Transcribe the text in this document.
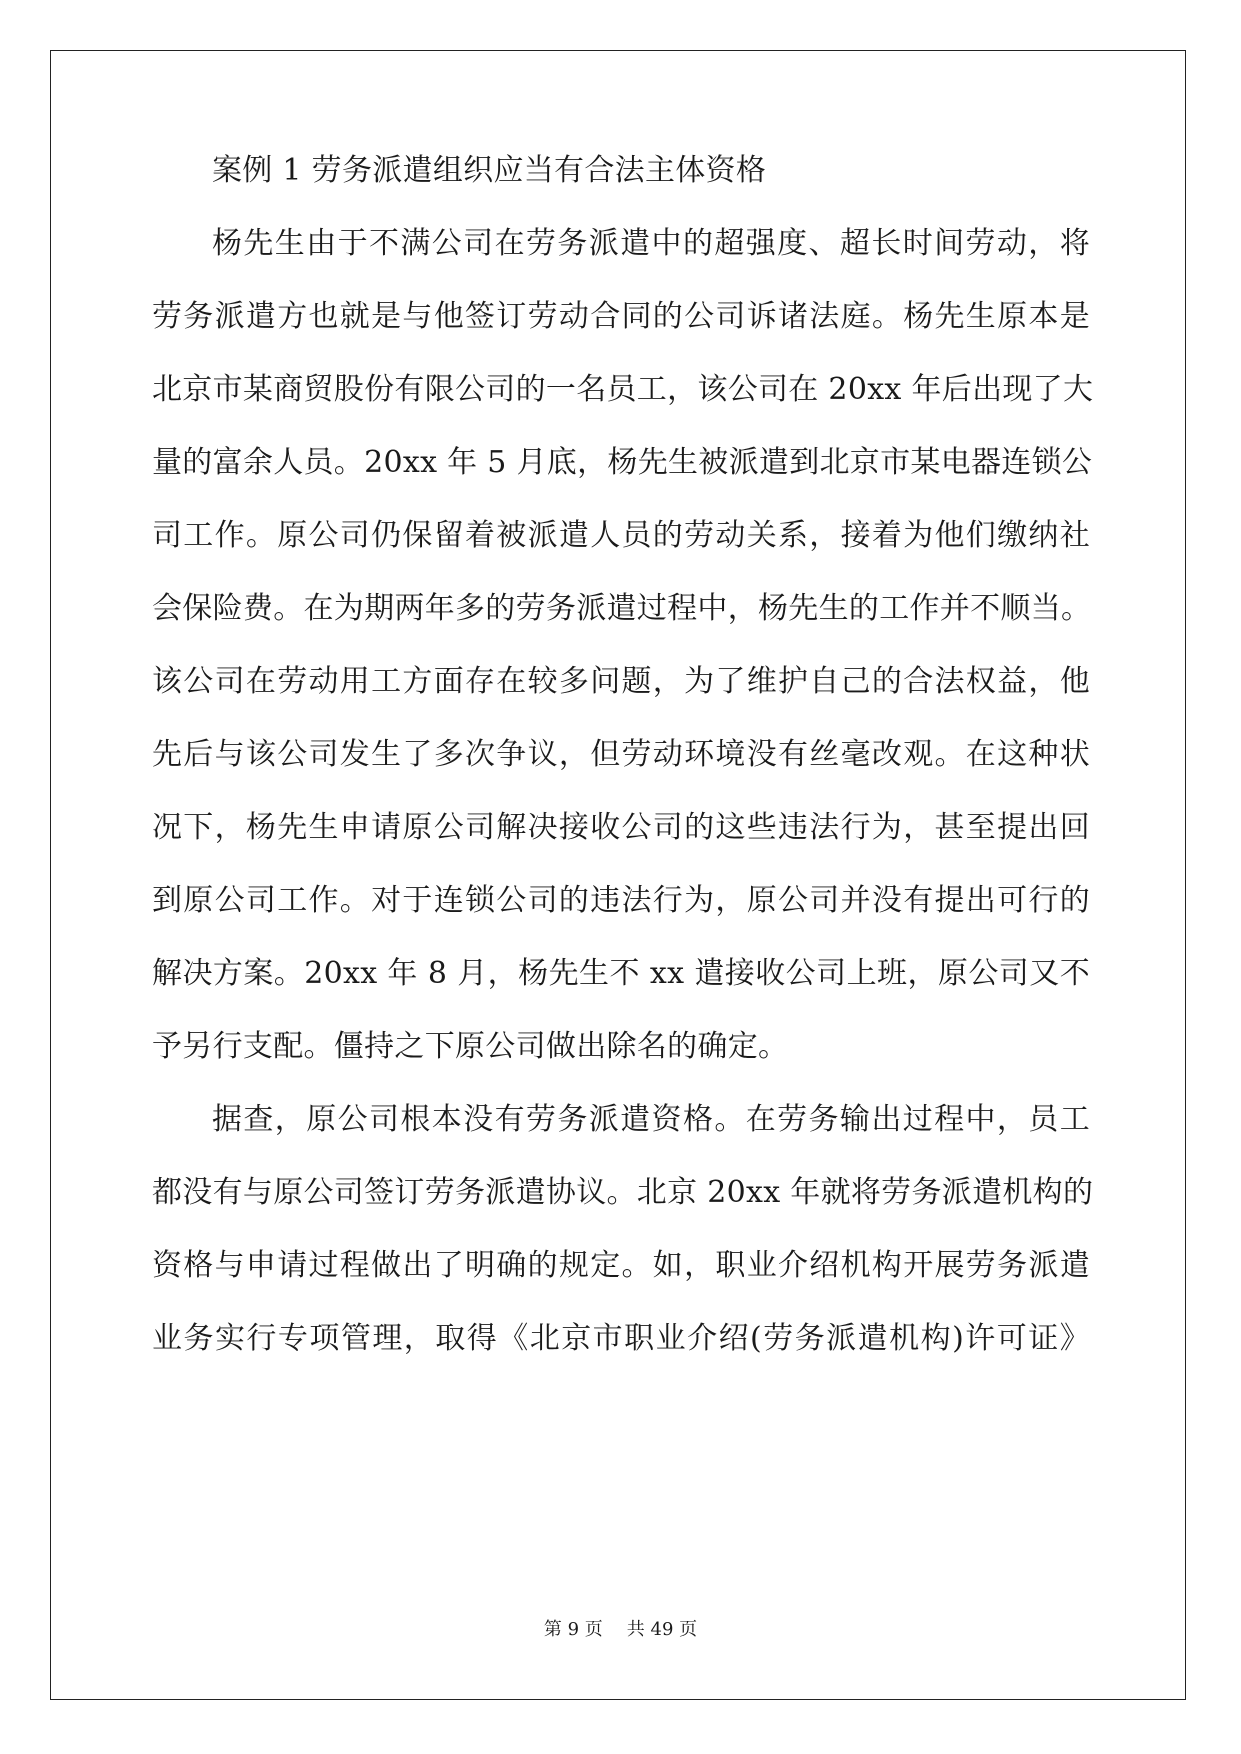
案例 1 劳务派遣组织应当有合法主体资格
杨先生由于不满公司在劳务派遣中的超强度、超长时间劳动，将
劳务派遣方也就是与他签订劳动合同的公司诉诸法庭。杨先生原本是
北京市某商贸股份有限公司的一名员工，该公司在 20xx 年后出现了大
量的富余人员。20xx 年 5 月底，杨先生被派遣到北京市某电器连锁公
司工作。原公司仍保留着被派遣人员的劳动关系，接着为他们缴纳社
会保险费。在为期两年多的劳务派遣过程中，杨先生的工作并不顺当。
该公司在劳动用工方面存在较多问题，为了维护自己的合法权益，他
先后与该公司发生了多次争议，但劳动环境没有丝毫改观。在这种状
况下，杨先生申请原公司解决接收公司的这些违法行为，甚至提出回
到原公司工作。对于连锁公司的违法行为，原公司并没有提出可行的
解决方案。20xx 年 8 月，杨先生不 xx 遣接收公司上班，原公司又不
予另行支配。僵持之下原公司做出除名的确定。
据查，原公司根本没有劳务派遣资格。在劳务输出过程中，员工
都没有与原公司签订劳务派遣协议。北京 20xx 年就将劳务派遣机构的
资格与申请过程做出了明确的规定。如，职业介绍机构开展劳务派遣
业务实行专项管理，取得《北京市职业介绍(劳务派遣机构)许可证》
第 9 页 共 49 页
